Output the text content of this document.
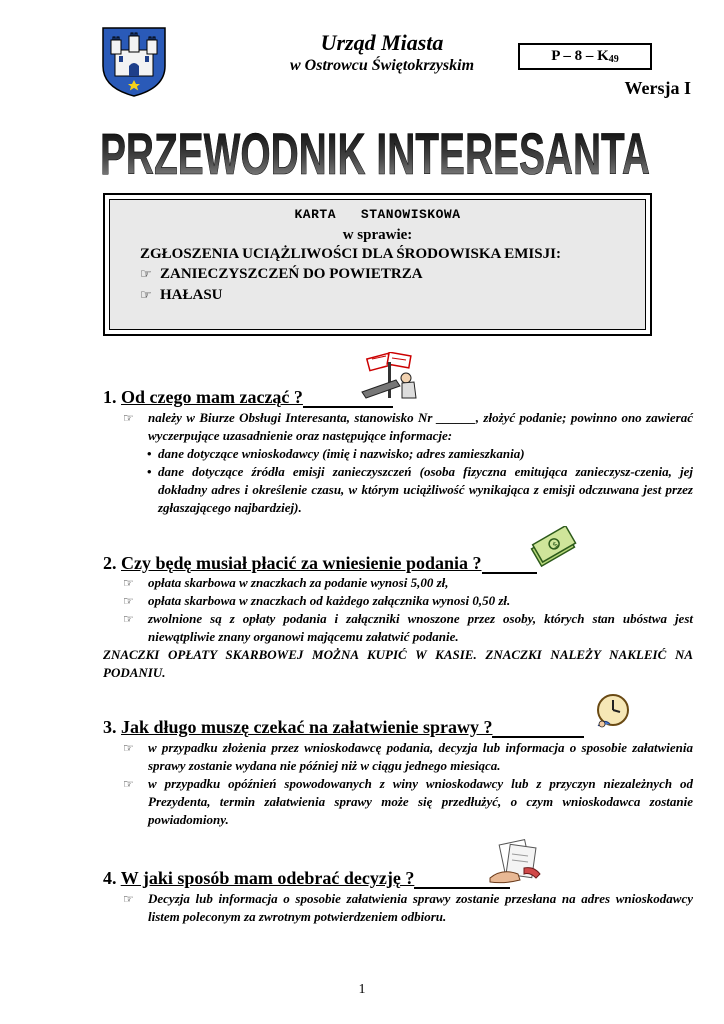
Urząd Miasta
w Ostrowcu Świętokrzyskim
P – $8 - K_{49}$
Wersja I
PRZEWODNIK INTERESANTA
KARTA   STANOWISKOWA
w sprawie:
ZGŁOSZENIA UCIĄŻLIWOŚCI DLA ŚRODOWISKA EMISJI:
☞ ZANIECZYSZCZEŃ DO POWIETRZA
☞ HAŁASU
1. Od czego mam zacząć ?
☞ należy w Biurze Obsługi Interesanta, stanowisko Nr ______, złożyć podanie; powinno ono zawierać wyczerpujące uzasadnienie oraz następujące informacje:
• dane dotyczące wnioskodawcy (imię i nazwisko; adres zamieszkania)
• dane dotyczące źródła emisji zanieczyszczeń (osoba fizyczna emitująca zanieczysz-czenia, jej dokładny adres i określenie czasu, w którym uciążliwość wynikająca z emisji odczuwana jest przez zgłaszającego najbardziej).
$
2. Czy będę musiał płacić za wniesienie podania ?
☞ opłata skarbowa w znaczkach za podanie wynosi 5,00 zł,
☞ opłata skarbowa w znaczkach od każdego załącznika wynosi 0,50 zł.
☞ zwolnione są z opłaty podania i załączniki wnoszone przez osoby, których stan ubóstwa jest niewątpliwie znany organowi mającemu załatwić podanie.
ZNACZKI OPŁATY SKARBOWEJ MOŻNA KUPIĆ W KASIE. ZNACZKI NALEŻY NAKLEIĆ NA PODANIU.
3. Jak długo muszę czekać na załatwienie sprawy ?
☞ w przypadku złożenia przez wnioskodawcę podania, decyzja lub informacja o sposobie załatwienia sprawy zostanie wydana nie później niż w ciągu jednego miesiąca.
☞ w przypadku opóźnień spowodowanych z winy wnioskodawcy lub z przyczyn niezależnych od Prezydenta, termin załatwienia sprawy może się przedłużyć, o czym wnioskodawca zostanie powiadomiony.
4. W jaki sposób mam odebrać decyzję ?
☞ Decyzja lub informacja o sposobie załatwienia sprawy zostanie przesłana na adres wnioskodawcy listem poleconym za zwrotnym potwierdzeniem odbioru.
1
